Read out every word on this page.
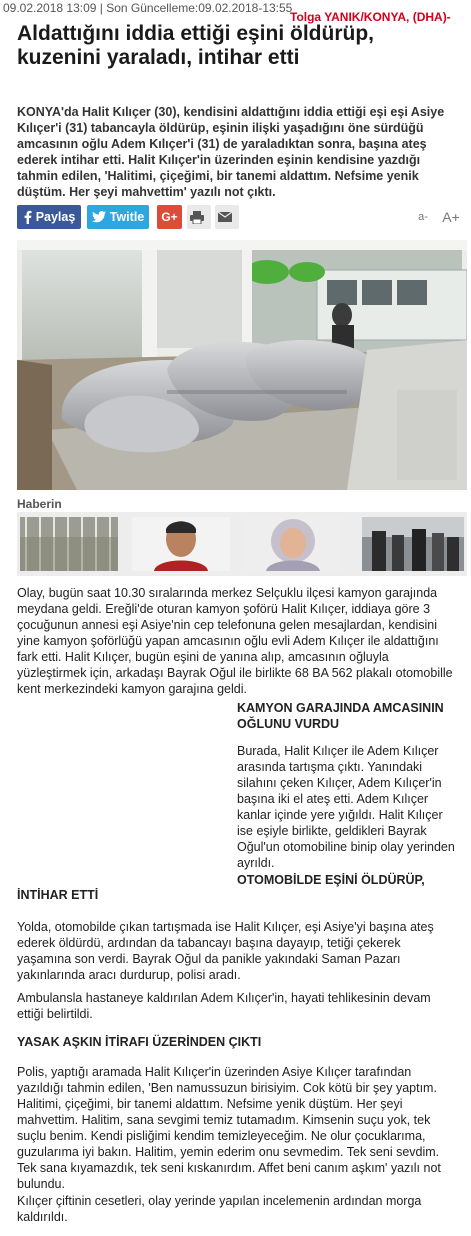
09.02.2018 13:09 | Son Güncelleme:09.02.2018-13:55
Tolga YANIK/KONYA, (DHA)-
Aldattığını iddia ettiği eşini öldürüp, kuzenini yaraladı, intihar etti

KONYA'da Halit Kılıçer (30), kendisini aldattığını iddia ettiği eşi eşi Asiye Kılıçer'i (31) tabancayla öldürüp, eşinin ilişki yaşadığını öne sürdüğü amcasının oğlu Adem Kılıçer'i (31) de yaraladıktan sonra, başına ateş ederek intihar etti. Halit Kılıçer'in üzerinden eşinin kendisine yazdığı tahmin edilen, 'Halitimi, çiçeğimi, bir tanemi aldattım. Nefsime yenik düştüm. Her şeyi mahvettim' yazılı not çıktı.

Paylaş	Twitle G+	a- A+
Haberin

Olay, bugün saat 10.30 sıralarında merkez Selçuklu ilçesi kamyon garajında meydana geldi. Ereğli'de oturan kamyon şoförü Halit Kılıçer, iddiaya göre 3 çocuğunun annesi eşi Asiye'nin cep telefonuna gelen mesajlardan, kendisini yine kamyon şoförlüğü yapan amcasının oğlu evli Adem Kılıçer ile aldattığını fark etti. Halit Kılıçer, bugün eşini de yanına alıp, amcasının oğluyla yüzleştirmek için, arkadaşı Bayrak Oğul ile birlikte 68 BA 562 plakalı otomobille kent merkezindeki kamyon garajına geldi.

KAMYON GARAJINDA AMCASININ OĞLUNU VURDU

Burada, Halit Kılıçer ile Adem Kılıçer arasında tartışma çıktı. Yanındaki silahını çeken Kılıçer, Adem Kılıçer'in başına iki el ateş etti. Adem Kılıçer kanlar içinde yere yığıldı. Halit Kılıçer ise eşiyle birlikte, geldikleri Bayrak Oğul'un otomobiline binip olay yerinden ayrıldı.

OTOMOBİLDE EŞİNİ ÖLDÜRÜP,

İNTİHAR ETTİ

Yolda, otomobilde çıkan tartışmada ise Halit Kılıçer, eşi Asiye'yi başına ateş ederek öldürdü, ardından da tabancayı başına dayayıp, tetiği çekerek yaşamına son verdi. Bayrak Oğul da panikle yakındaki Saman Pazarı yakınlarında aracı durdurup, polisi aradı.

Ambulansla hastaneye kaldırılan Adem Kılıçer'in, hayati tehlikesinin devam ettiği belirtildi.

YASAK AŞKIN İTİRAFI ÜZERİNDEN ÇIKTI

Polis, yaptığı aramada Halit Kılıçer'in üzerinden Asiye Kılıçer tarafından yazıldığı tahmin edilen, 'Ben namussuzun birisiyim. Cok kötü bir şey yaptım. Halitimi, çiçeğimi, bir tanemi aldattım. Nefsime yenik düştüm. Her şeyi mahvettim. Halitim, sana sevgimi temiz tutamadım. Kimsenin suçu yok, tek suçlu benim. Kendi pisliğimi kendim temizleyeceğim. Ne olur çocuklarıma, guzularıma iyi bakın. Halitim, yemin ederim onu sevmedim. Tek seni sevdim. Tek sana kıyamazdık, tek seni kıskanırdım. Affet beni canım aşkım' yazılı not bulundu.

Kılıçer çiftinin cesetleri, olay yerinde yapılan incelemenin ardından morga kaldırıldı.
